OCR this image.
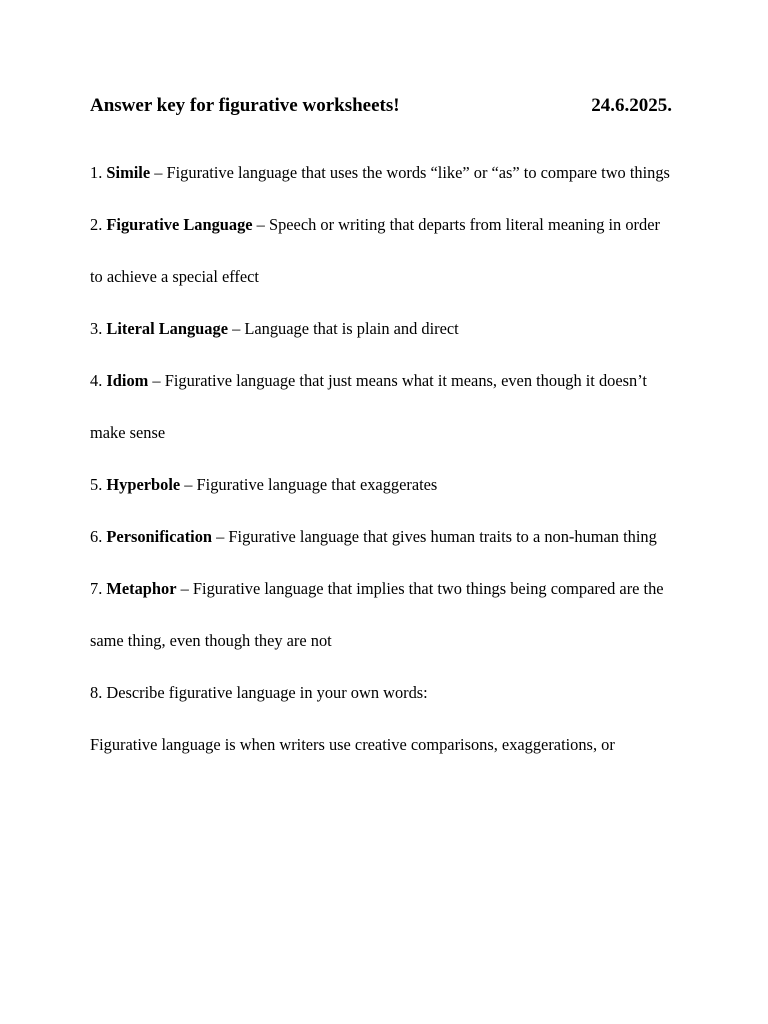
Answer key for figurative worksheets!	24.6.2025.

1. Simile – Figurative language that uses the words “like” or “as” to compare two things

2. Figurative Language – Speech or writing that departs from literal meaning in order to achieve a special effect

3. Literal Language – Language that is plain and direct

4. Idiom – Figurative language that just means what it means, even though it doesn’t make sense

5. Hyperbole – Figurative language that exaggerates

6. Personification – Figurative language that gives human traits to a non-human thing

7. Metaphor – Figurative language that implies that two things being compared are the same thing, even though they are not

8. Describe figurative language in your own words:

Figurative language is when writers use creative comparisons, exaggerations, or
